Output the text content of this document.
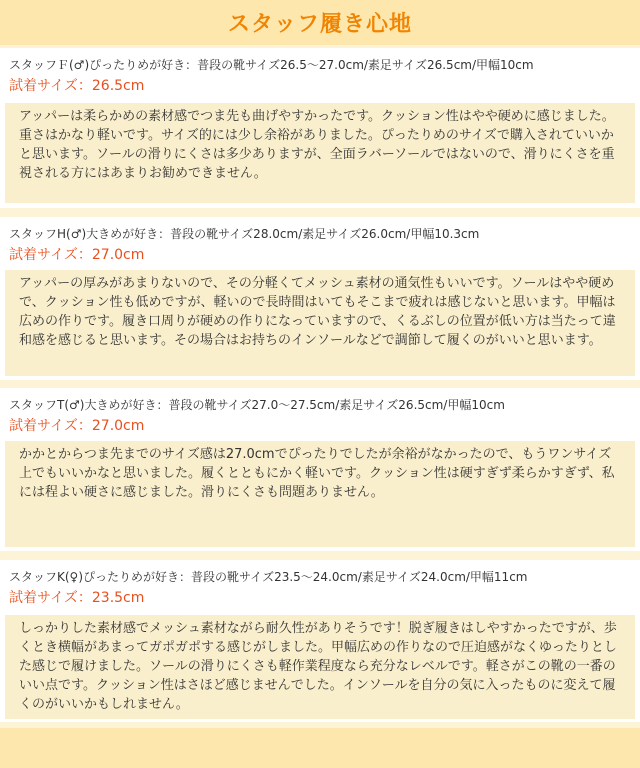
スタッフ履き心地
スタッフＦ(♂)ぴったりめが好き：普段の靴サイズ26.5～27.0cm/素足サイズ26.5cm/甲幅10cm
試着サイズ：26.5cm
アッパーは柔らかめの素材感でつま先も曲げやすかったです。クッション性はやや硬めに感じました。重さはかなり軽いです。サイズ的には少し余裕がありました。ぴったりめのサイズで購入されていいかと思います。ソールの滑りにくさは多少ありますが、全面ラバーソールではないので、滑りにくさを重視される方にはあまりお勧めできません。
スタッフH(♂)大きめが好き：普段の靴サイズ28.0cm/素足サイズ26.0cm/甲幅10.3cm
試着サイズ：27.0cm
アッパーの厚みがあまりないので、その分軽くてメッシュ素材の通気性もいいです。ソールはやや硬めで、クッション性も低めですが、軽いので長時間はいてもそこまで疲れは感じないと思います。甲幅は広めの作りです。履き口周りが硬めの作りになっていますので、くるぶしの位置が低い方は当たって違和感を感じると思います。その場合はお持ちのインソールなどで調節して履くのがいいと思います。
スタッフT(♂)大きめが好き：普段の靴サイズ27.0～27.5cm/素足サイズ26.5cm/甲幅10cm
試着サイズ：27.0cm
かかとからつま先までのサイズ感は27.0cmでぴったりでしたが余裕がなかったので、もうワンサイズ上でもいいかなと思いました。履くとともにかく軽いです。クッション性は硬すぎず柔らかすぎず、私には程よい硬さに感じました。滑りにくさも問題ありません。
スタッフK(♀)ぴったりめが好き：普段の靴サイズ23.5～24.0cm/素足サイズ24.0cm/甲幅11cm
試着サイズ：23.5cm
しっかりした素材感でメッシュ素材ながら耐久性がありそうです！脱ぎ履きはしやすかったですが、歩くとき横幅があまってガポガポする感じがしました。甲幅広めの作りなので圧迫感がなくゆったりとした感じで履けました。ソールの滑りにくさも軽作業程度なら充分なレベルです。軽さがこの靴の一番のいい点です。クッション性はさほど感じませんでした。インソールを自分の気に入ったものに変えて履くのがいいかもしれません。
